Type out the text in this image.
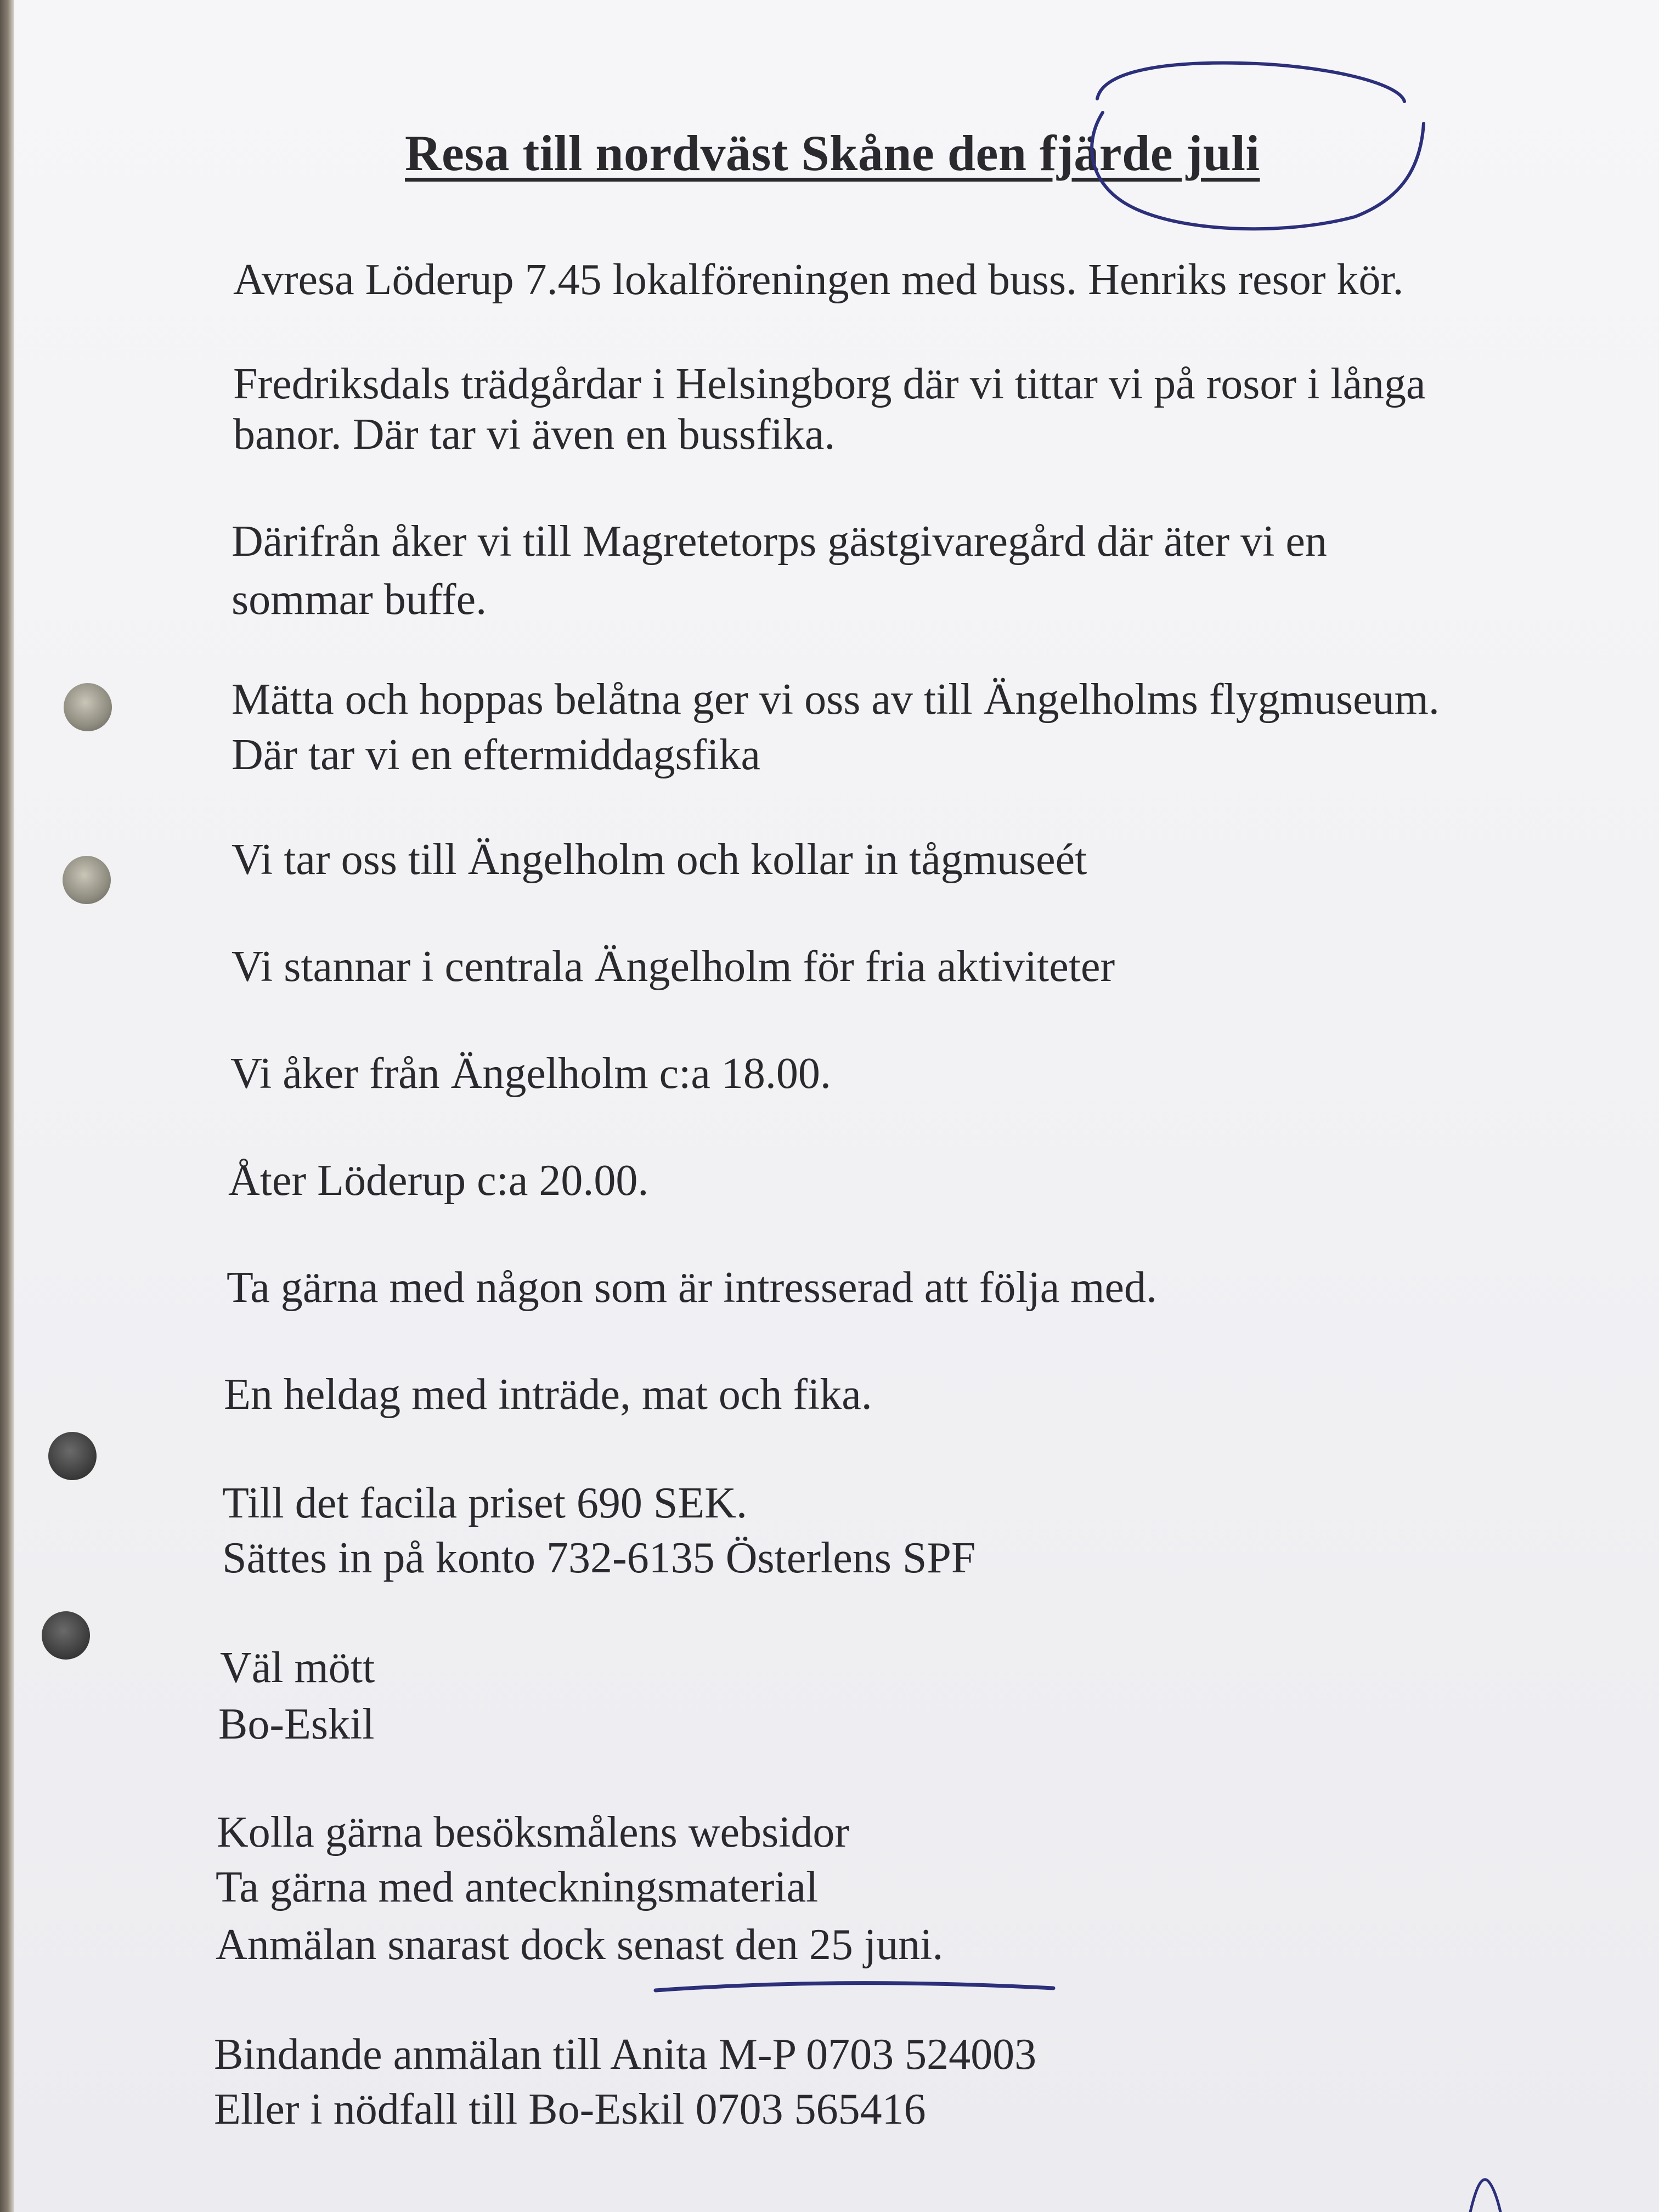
Resa till nordväst Skåne den fjärde juli
Avresa Löderup 7.45 lokalföreningen med buss. Henriks resor kör.
Fredriksdals trädgårdar i Helsingborg där vi tittar vi på rosor i långa
banor. Där tar vi även en bussfika.
Därifrån åker vi till Magretetorps gästgivaregård där äter vi en
sommar buffe.
Mätta och hoppas belåtna ger vi oss av till Ängelholms flygmuseum.
Där tar vi en eftermiddagsfika
Vi tar oss till Ängelholm och kollar in tågmuseét
Vi stannar i centrala Ängelholm för fria aktiviteter
Vi åker från Ängelholm c:a 18.00.
Åter Löderup c:a 20.00.
Ta gärna med någon som är intresserad att följa med.
En heldag med inträde, mat och fika.
Till det facila priset 690 SEK.
Sättes in på konto 732-6135 Österlens SPF
Väl mött
Bo-Eskil
Kolla gärna besöksmålens websidor
Ta gärna med anteckningsmaterial
Anmälan snarast dock senast den 25 juni.
Bindande anmälan till Anita M-P 0703 524003
Eller i nödfall till Bo-Eskil 0703 565416
